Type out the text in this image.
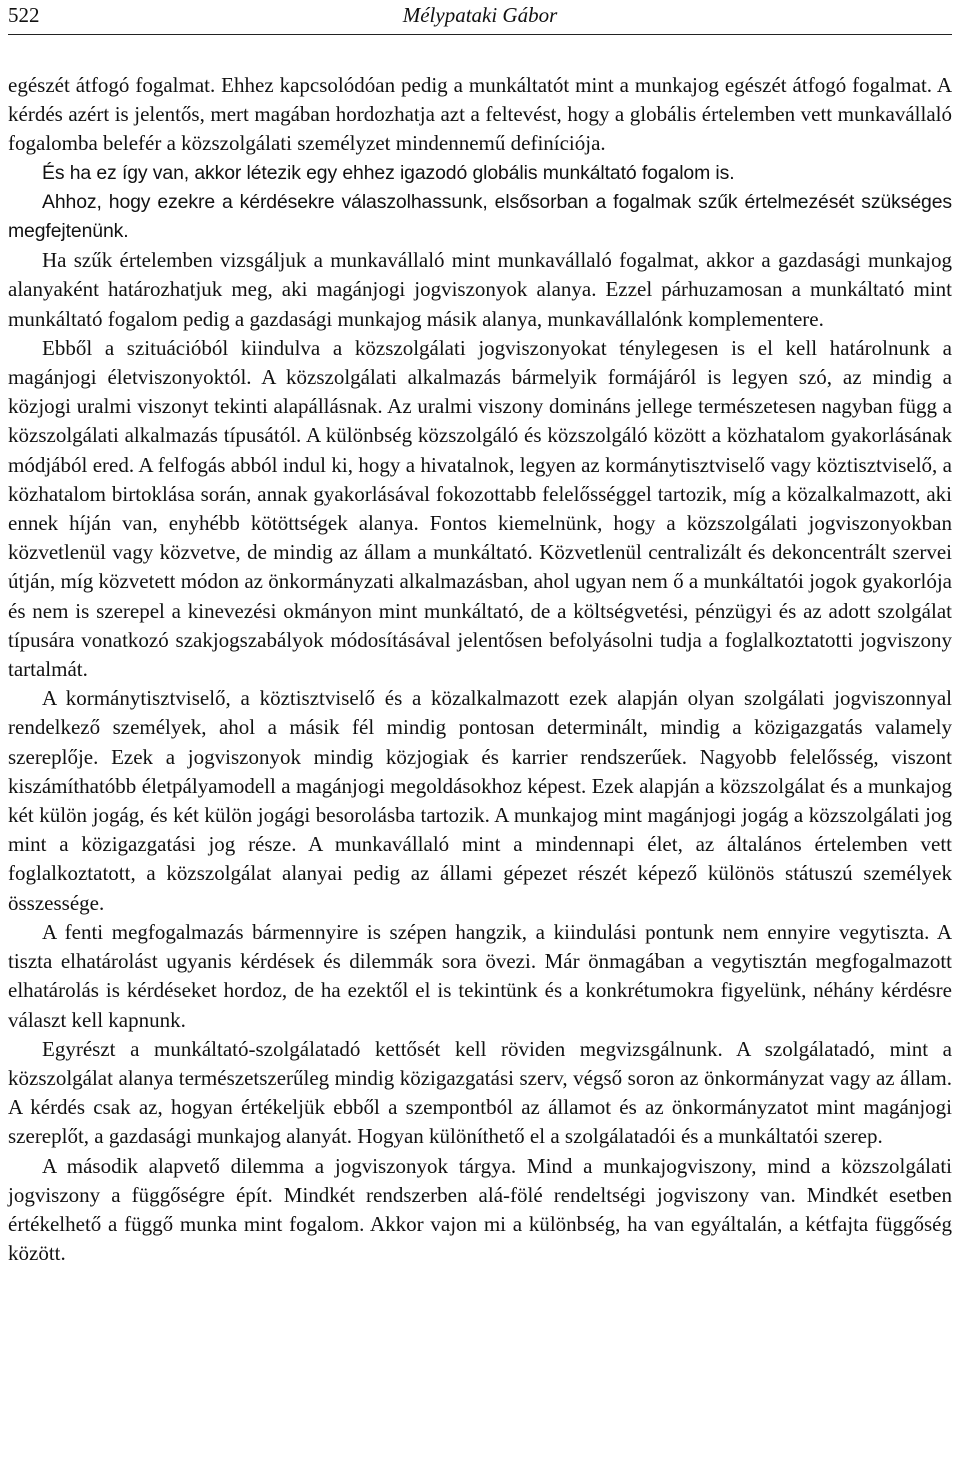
522	Mélypataki Gábor

egészét átfogó fogalmat. Ehhez kapcsolódóan pedig a munkáltatót mint a munkajog egészét átfogó fogalmat. A kérdés azért is jelentős, mert magában hordozhatja azt a feltevést, hogy a globális értelemben vett munkavállaló fogalomba belefér a közszolgálati személyzet mindennemű definíciója.

És ha ez így van, akkor létezik egy ehhez igazodó globális munkáltató fogalom is.

Ahhoz, hogy ezekre a kérdésekre válaszolhassunk, elsősorban a fogalmak szűk értelmezését szükséges megfejtenünk.

Ha szűk értelemben vizsgáljuk a munkavállaló mint munkavállaló fogalmat, akkor a gazdasági munkajog alanyaként határozhatjuk meg, aki magánjogi jogviszonyok alanya. Ezzel párhuzamosan a munkáltató mint munkáltató fogalom pedig a gazdasági munkajog másik alanya, munkavállalónk komplementere.

Ebből a szituációból kiindulva a közszolgálati jogviszonyokat ténylegesen is el kell határolnunk a magánjogi életviszonyoktól. A közszolgálati alkalmazás bármelyik formájáról is legyen szó, az mindig a közjogi uralmi viszonyt tekinti alapállásnak. Az uralmi viszony domináns jellege természetesen nagyban függ a közszolgálati alkalmazás típusától. A különbség közszolgáló és közszolgáló között a közhatalom gyakorlásának módjából ered. A felfogás abból indul ki, hogy a hivatalnok, legyen az kormánytisztviselő vagy köztisztviselő, a közhatalom birtoklása során, annak gyakorlásával fokozottabb felelősséggel tartozik, míg a közalkalmazott, aki ennek híján van, enyhébb kötöttségek alanya. Fontos kiemelnünk, hogy a közszolgálati jogviszonyokban közvetlenül vagy közvetve, de mindig az állam a munkáltató. Közvetlenül centralizált és dekoncentrált szervei útján, míg közvetett módon az önkormányzati alkalmazásban, ahol ugyan nem ő a munkáltatói jogok gyakorlója és nem is szerepel a kinevezési okmányon mint munkáltató, de a költségvetési, pénzügyi és az adott szolgálat típusára vonatkozó szakjogszabályok módosításával jelentősen befolyásolni tudja a foglalkoztatotti jogviszony tartalmát.

A kormánytisztviselő, a köztisztviselő és a közalkalmazott ezek alapján olyan szolgálati jogviszonnyal rendelkező személyek, ahol a másik fél mindig pontosan determinált, mindig a közigazgatás valamely szereplője. Ezek a jogviszonyok mindig közjogiak és karrier rendszerűek. Nagyobb felelősség, viszont kiszámíthatóbb életpályamodell a magánjogi megoldásokhoz képest. Ezek alapján a közszolgálat és a munkajog két külön jogág, és két külön jogági besorolásba tartozik. A munkajog mint magánjogi jogág a közszolgálati jog mint a közigazgatási jog része. A munkavállaló mint a mindennapi élet, az általános értelemben vett foglalkoztatott, a közszolgálat alanyai pedig az állami gépezet részét képező különös státuszú személyek összessége.

A fenti megfogalmazás bármennyire is szépen hangzik, a kiindulási pontunk nem ennyire vegytiszta. A tiszta elhatárolást ugyanis kérdések és dilemmák sora övezi. Már önmagában a vegytisztán megfogalmazott elhatárolás is kérdéseket hordoz, de ha ezektől el is tekintünk és a konkrétumokra figyelünk, néhány kérdésre választ kell kapnunk.

Egyrészt a munkáltató-szolgálatadó kettősét kell röviden megvizsgálnunk. A szolgálatadó, mint a közszolgálat alanya természetszerűleg mindig közigazgatási szerv, végső soron az önkormányzat vagy az állam. A kérdés csak az, hogyan értékeljük ebből a szempontból az államot és az önkormányzatot mint magánjogi szereplőt, a gazdasági munkajog alanyát. Hogyan különíthető el a szolgálatadói és a munkáltatói szerep.

A második alapvető dilemma a jogviszonyok tárgya. Mind a munkajogviszony, mind a közszolgálati jogviszony a függőségre épít. Mindkét rendszerben alá-fölé rendeltségi jogviszony van. Mindkét esetben értékelhető a függő munka mint fogalom. Akkor vajon mi a különbség, ha van egyáltalán, a kétfajta függőség között.
